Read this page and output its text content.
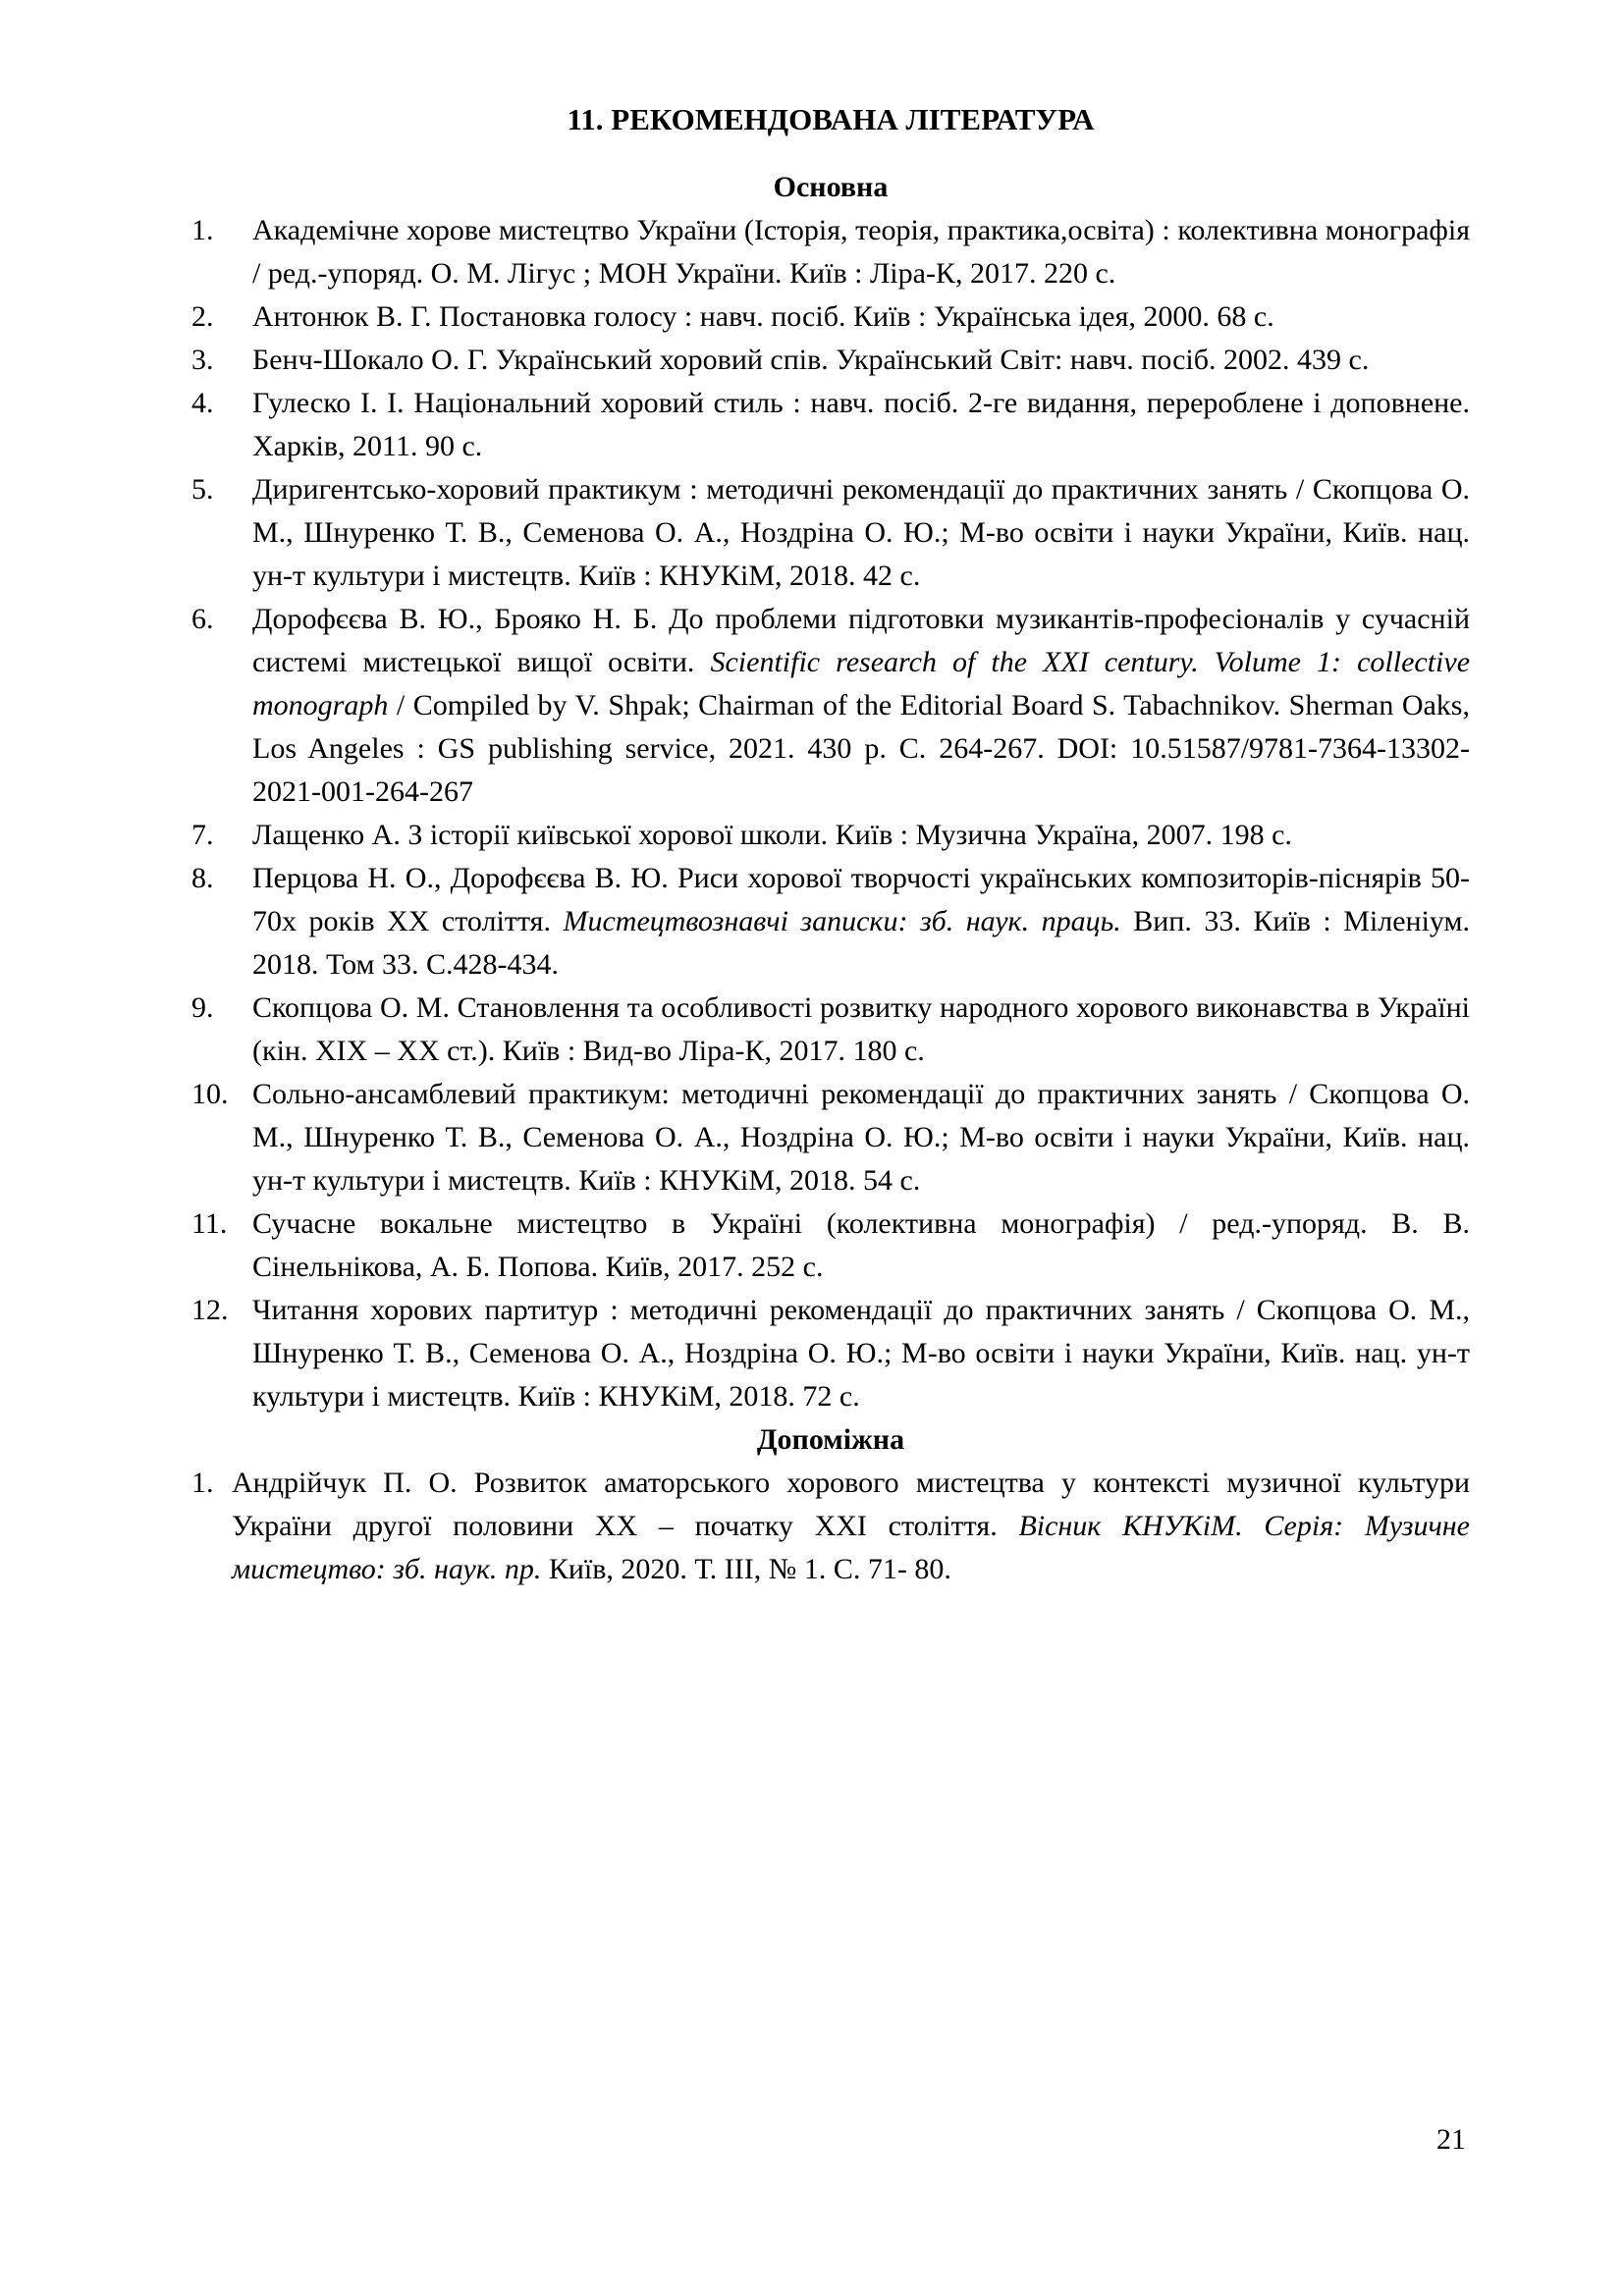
11. РЕКОМЕНДОВАНА ЛІТЕРАТУРА
Основна

1. Академічне хорове мистецтво України (Історія, теорія, практика,освіта) : колективна монографія / ред.-упоряд. О. М. Лігус ; МОН України. Київ : Ліра-К, 2017. 220 с.

2. Антонюк В. Г. Постановка голосу : навч. посіб. Київ : Українська ідея, 2000. 68 с.

3. Бенч-Шокало О. Г. Український хоровий спів. Український Світ: навч. посіб. 2002. 439 с.

4. Гулеско І. І. Національний хоровий стиль : навч. посіб. 2-ге видання, перероблене і доповнене. Харків, 2011. 90 с.

5. Диригентсько-хоровий практикум : методичні рекомендації до практичних занять / Скопцова О. М., Шнуренко Т. В., Семенова О. А., Ноздріна О. Ю.; М-во освіти і науки України, Київ. нац. ун-т культури і мистецтв. Київ : КНУКіМ, 2018. 42 с.

6. Дорофєєва В. Ю., Брояко Н. Б. До проблеми підготовки музикантів-професіоналів у сучасній системі мистецької вищої освіти. Scientific research of the XXI century. Volume 1: collective monograph / Compiled by V. Shpak; Chairman of the Editorial Board S. Tabachnikov. Sherman Oaks, Los Angeles : GS publishing service, 2021. 430 p. С. 264-267. DOI: 10.51587/9781-7364-13302-2021-001-264-267

7. Лащенко А. З історії київської хорової школи. Київ : Музична Україна, 2007. 198 с.

8. Перцова Н. О., Дорофєєва В. Ю. Риси хорової творчості українських композиторів-піснярів 50-70х років ХХ століття. Мистецтвознавчі записки: зб. наук. праць. Вип. 33. Київ : Міленіум. 2018. Том 33. С.428-434.

9. Скопцова О. М. Становлення та особливості розвитку народного хорового виконавства в Україні (кін. ХІХ – ХХ ст.). Київ : Вид-во Ліра-К, 2017. 180 с.

10. Сольно-ансамблевий практикум: методичні рекомендації до практичних занять / Скопцова О. М., Шнуренко Т. В., Семенова О. А., Ноздріна О. Ю.; М-во освіти і науки України, Київ. нац. ун-т культури і мистецтв. Київ : КНУКіМ, 2018. 54 с.

11. Сучасне вокальне мистецтво в Україні (колективна монографія) / ред.-упоряд. В. В. Сінельнікова, А. Б. Попова. Київ, 2017. 252 с.

12. Читання хорових партитур : методичні рекомендації до практичних занять / Скопцова О. М., Шнуренко Т. В., Семенова О. А., Ноздріна О. Ю.; М-во освіти і науки України, Київ. нац. ун-т культури і мистецтв. Київ : КНУКіМ, 2018. 72 с.

Допоміжна

1. Андрійчук П. О. Розвиток аматорського хорового мистецтва у контексті музичної культури України другої половини ХХ – початку ХХІ століття. Вісник КНУКіМ. Серія: Музичне мистецтво: зб. наук. пр. Київ, 2020. Т. ІІІ, № 1. С. 71- 80.

21
